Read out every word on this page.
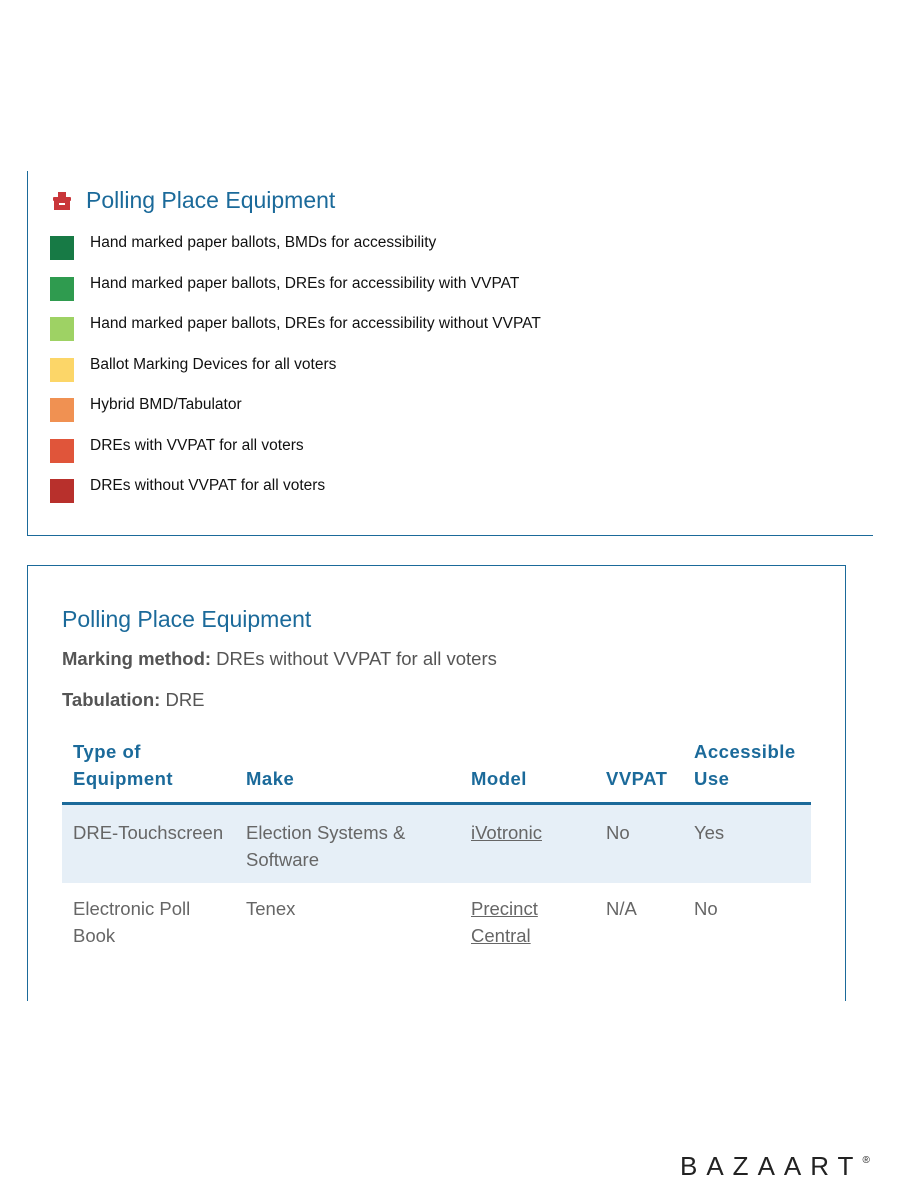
Polling Place Equipment
Hand marked paper ballots, BMDs for accessibility
Hand marked paper ballots, DREs for accessibility with VVPAT
Hand marked paper ballots, DREs for accessibility without VVPAT
Ballot Marking Devices for all voters
Hybrid BMD/Tabulator
DREs with VVPAT for all voters
DREs without VVPAT for all voters
Polling Place Equipment
Marking method: DREs without VVPAT for all voters
Tabulation: DRE
Type of Equipment	Make	Model	VVPAT	Accessible Use
DRE-Touchscreen	Election Systems & Software	iVotronic	No	Yes
Electronic Poll Book	Tenex	Precinct Central	N/A	No
BAZAART®
